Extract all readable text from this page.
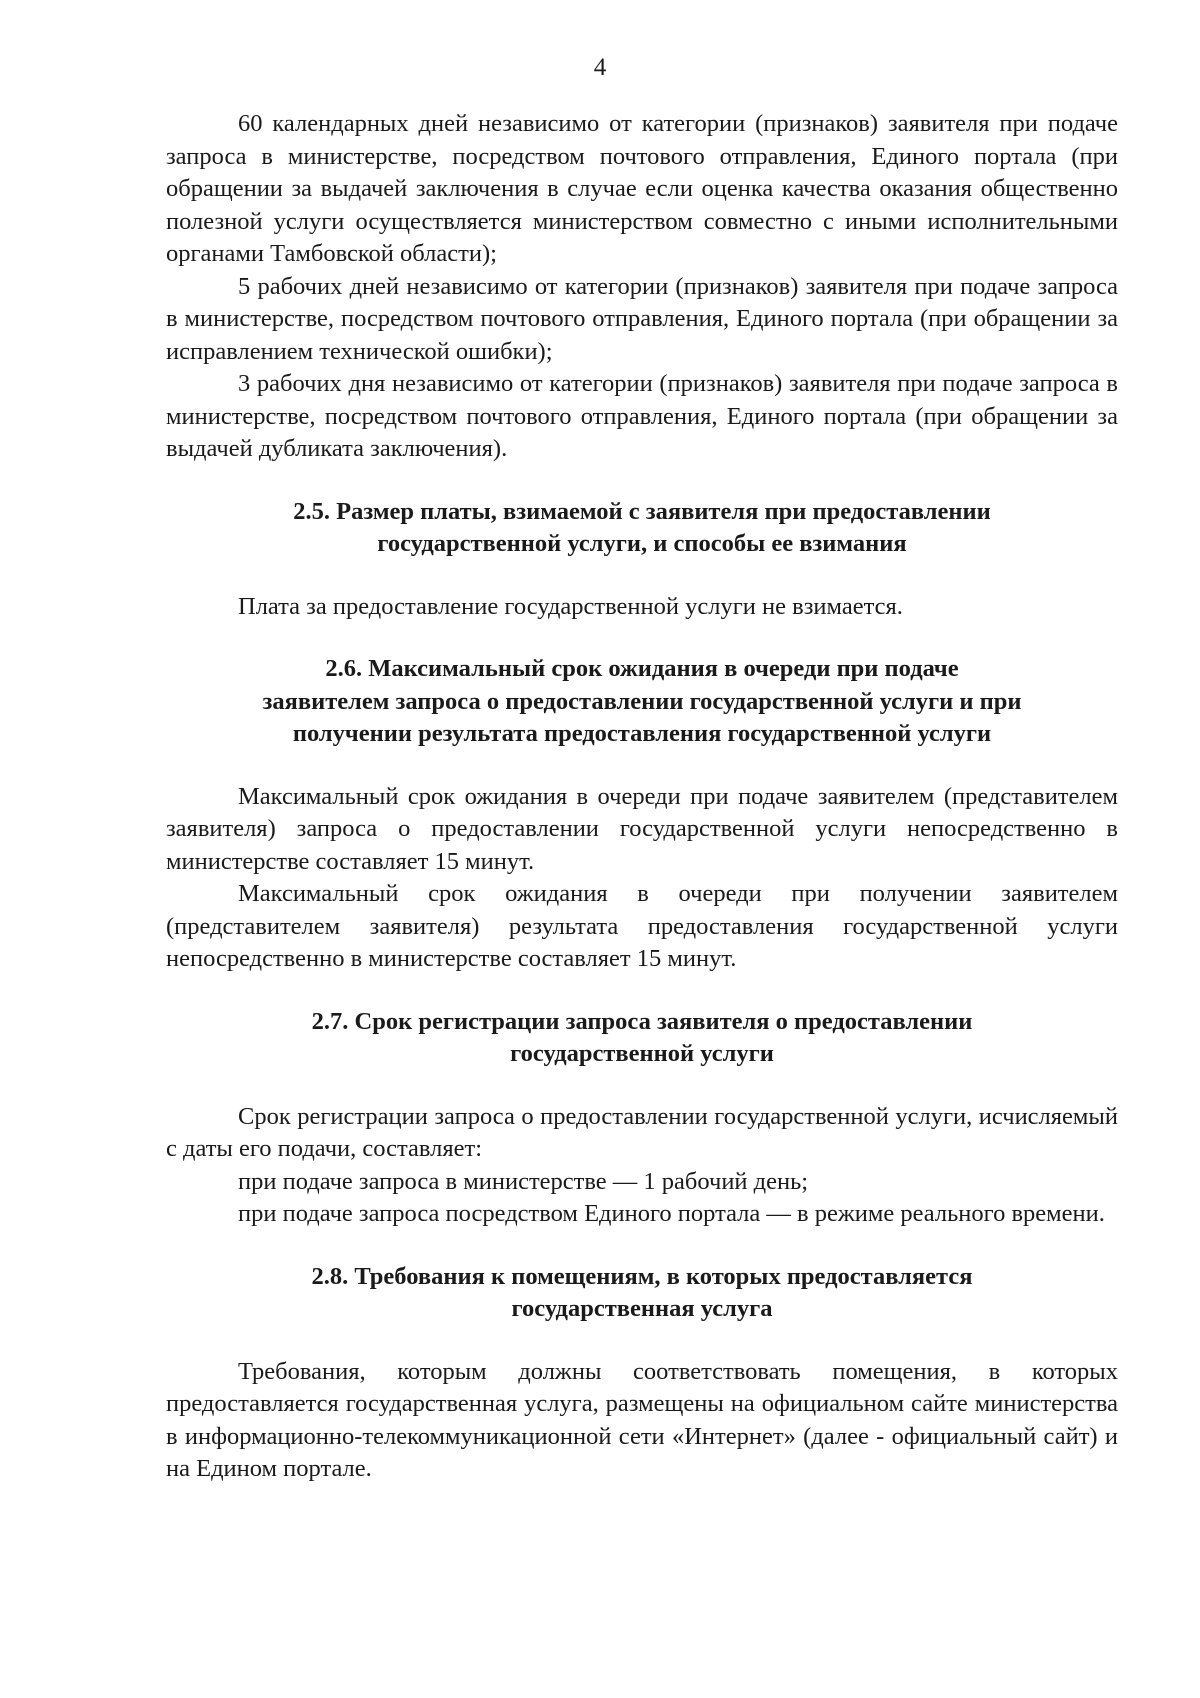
4

60 календарных дней независимо от категории (признаков) заявителя при подаче запроса в министерстве, посредством почтового отправления, Единого портала (при обращении за выдачей заключения в случае если оценка качества оказания общественно полезной услуги осуществляется министерством совместно с иными исполнительными органами Тамбовской области);

5 рабочих дней независимо от категории (признаков) заявителя при подаче запроса в министерстве, посредством почтового отправления, Единого портала (при обращении за исправлением технической ошибки);

3 рабочих дня независимо от категории (признаков) заявителя при подаче запроса в министерстве, посредством почтового отправления, Единого портала (при обращении за выдачей дубликата заключения).

2.5. Размер платы, взимаемой с заявителя при предоставлении
государственной услуги, и способы ее взимания

Плата за предоставление государственной услуги не взимается.

2.6. Максимальный срок ожидания в очереди при подаче
заявителем запроса о предоставлении государственной услуги и при
получении результата предоставления государственной услуги

Максимальный срок ожидания в очереди при подаче заявителем (представителем заявителя) запроса о предоставлении государственной услуги непосредственно в министерстве составляет 15 минут.

Максимальный срок ожидания в очереди при получении заявителем (представителем заявителя) результата предоставления государственной услуги непосредственно в министерстве составляет 15 минут.

2.7. Срок регистрации запроса заявителя о предоставлении
государственной услуги

Срок регистрации запроса о предоставлении государственной услуги, исчисляемый с даты его подачи, составляет:

при подаче запроса в министерстве — 1 рабочий день;

при подаче запроса посредством Единого портала — в режиме реального времени.

2.8. Требования к помещениям, в которых предоставляется
государственная услуга

Требования, которым должны соответствовать помещения, в которых предоставляется государственная услуга, размещены на официальном сайте министерства в информационно-телекоммуникационной сети «Интернет» (далее - официальный сайт) и на Едином портале.
